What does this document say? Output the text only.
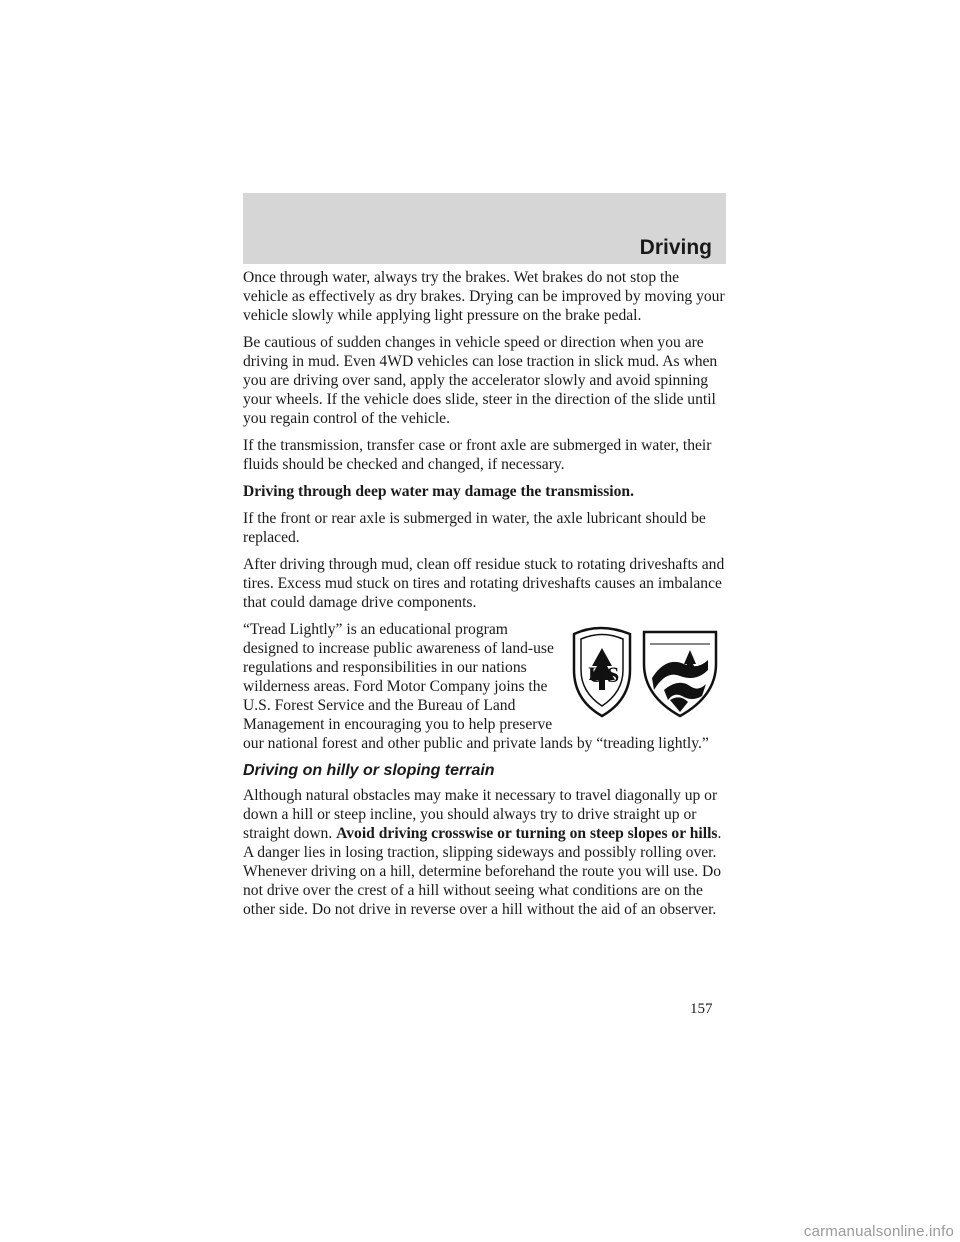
Driving

Once through water, always try the brakes. Wet brakes do not stop the vehicle as effectively as dry brakes. Drying can be improved by moving your vehicle slowly while applying light pressure on the brake pedal.

Be cautious of sudden changes in vehicle speed or direction when you are driving in mud. Even 4WD vehicles can lose traction in slick mud. As when you are driving over sand, apply the accelerator slowly and avoid spinning your wheels. If the vehicle does slide, steer in the direction of the slide until you regain control of the vehicle.

If the transmission, transfer case or front axle are submerged in water, their fluids should be checked and changed, if necessary.

Driving through deep water may damage the transmission.

If the front or rear axle is submerged in water, the axle lubricant should be replaced.

After driving through mud, clean off residue stuck to rotating driveshafts and tires. Excess mud stuck on tires and rotating driveshafts causes an imbalance that could damage drive components.

U S

“Tread Lightly” is an educational program designed to increase public awareness of land-use regulations and responsibilities in our nations wilderness areas. Ford Motor Company joins the U.S. Forest Service and the Bureau of Land Management in encouraging you to help preserve our national forest and other public and private lands by “treading lightly.”

Driving on hilly or sloping terrain

Although natural obstacles may make it necessary to travel diagonally up or down a hill or steep incline, you should always try to drive straight up or straight down. Avoid driving crosswise or turning on steep slopes or hills. A danger lies in losing traction, slipping sideways and possibly rolling over. Whenever driving on a hill, determine beforehand the route you will use. Do not drive over the crest of a hill without seeing what conditions are on the other side. Do not drive in reverse over a hill without the aid of an observer.

157
carmanualsonline.info
